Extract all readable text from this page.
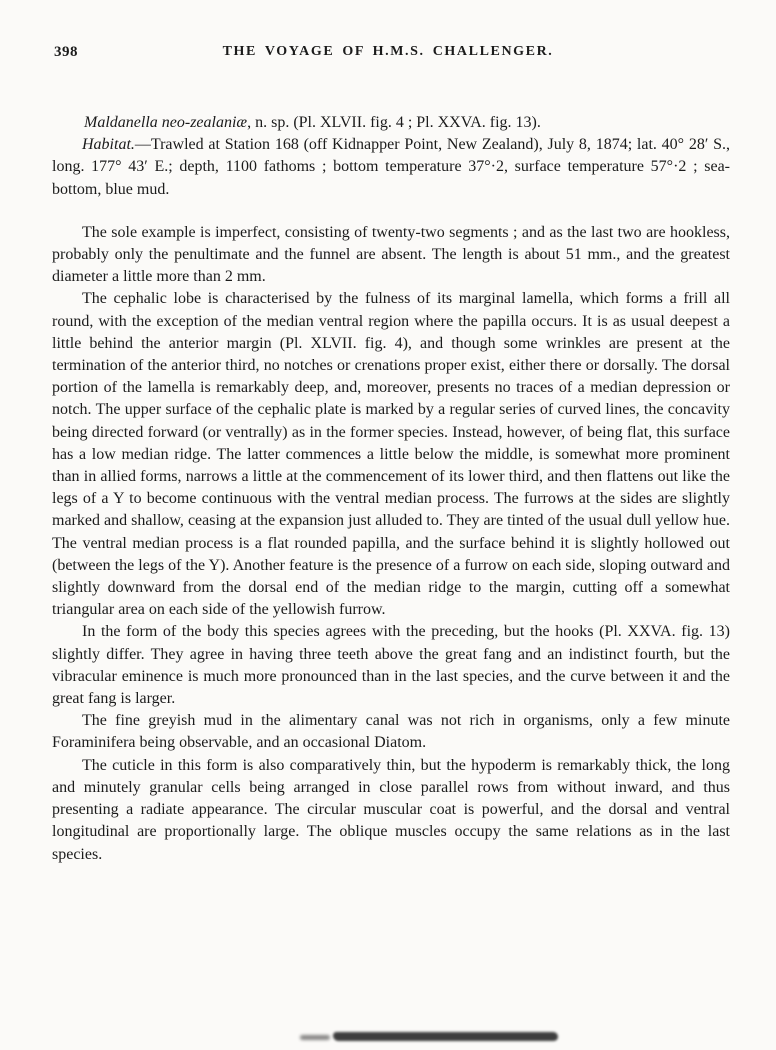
398	THE VOYAGE OF H.M.S. CHALLENGER.

Maldanella neo-zealaniæ, n. sp. (Pl. XLVII. fig. 4 ; Pl. XXVA. fig. 13).

Habitat.—Trawled at Station 168 (off Kidnapper Point, New Zealand), July 8, 1874; lat. 40° 28′ S., long. 177° 43′ E.; depth, 1100 fathoms ; bottom temperature 37°·2, surface temperature 57°·2 ; sea-bottom, blue mud.

The sole example is imperfect, consisting of twenty-two segments ; and as the last two are hookless, probably only the penultimate and the funnel are absent. The length is about 51 mm., and the greatest diameter a little more than 2 mm.

The cephalic lobe is characterised by the fulness of its marginal lamella, which forms a frill all round, with the exception of the median ventral region where the papilla occurs. It is as usual deepest a little behind the anterior margin (Pl. XLVII. fig. 4), and though some wrinkles are present at the termination of the anterior third, no notches or crenations proper exist, either there or dorsally. The dorsal portion of the lamella is remarkably deep, and, moreover, presents no traces of a median depression or notch. The upper surface of the cephalic plate is marked by a regular series of curved lines, the concavity being directed forward (or ventrally) as in the former species. Instead, however, of being flat, this surface has a low median ridge. The latter commences a little below the middle, is somewhat more prominent than in allied forms, narrows a little at the commencement of its lower third, and then flattens out like the legs of a Y to become continuous with the ventral median process. The furrows at the sides are slightly marked and shallow, ceasing at the expansion just alluded to. They are tinted of the usual dull yellow hue. The ventral median process is a flat rounded papilla, and the surface behind it is slightly hollowed out (between the legs of the Y). Another feature is the presence of a furrow on each side, sloping outward and slightly downward from the dorsal end of the median ridge to the margin, cutting off a somewhat triangular area on each side of the yellowish furrow.

In the form of the body this species agrees with the preceding, but the hooks (Pl. XXVA. fig. 13) slightly differ. They agree in having three teeth above the great fang and an indistinct fourth, but the vibracular eminence is much more pronounced than in the last species, and the curve between it and the great fang is larger.

The fine greyish mud in the alimentary canal was not rich in organisms, only a few minute Foraminifera being observable, and an occasional Diatom.

The cuticle in this form is also comparatively thin, but the hypoderm is remarkably thick, the long and minutely granular cells being arranged in close parallel rows from without inward, and thus presenting a radiate appearance. The circular muscular coat is powerful, and the dorsal and ventral longitudinal are proportionally large. The oblique muscles occupy the same relations as in the last species.
